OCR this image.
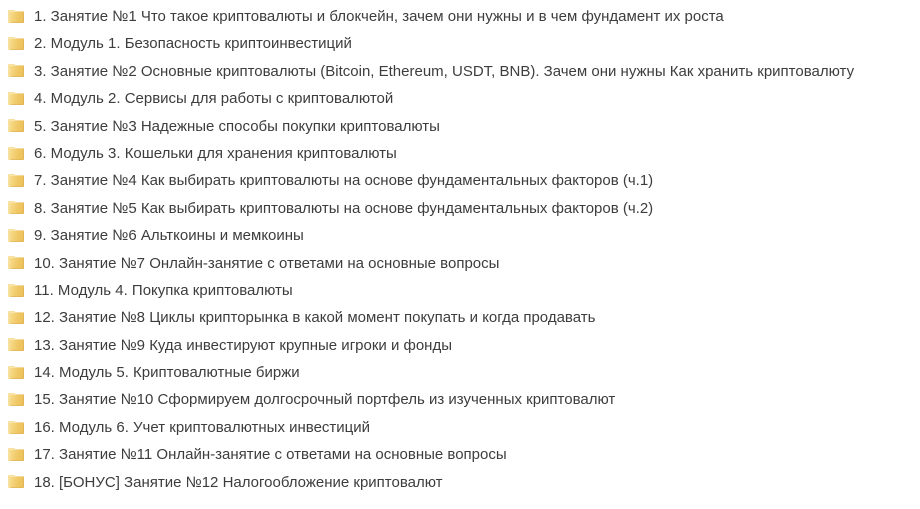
1. Занятие №1 Что такое криптовалюты и блокчейн, зачем они нужны и в чем фундамент их роста
2. Модуль 1. Безопасность криптоинвестиций
3. Занятие №2 Основные криптовалюты (Bitcoin, Ethereum, USDT, BNB). Зачем они нужны Как хранить криптовалюту
4. Модуль 2. Сервисы для работы с криптовалютой
5. Занятие №3 Надежные способы покупки криптовалюты
6. Модуль 3. Кошельки для хранения криптовалюты
7. Занятие №4 Как выбирать криптовалюты на основе фундаментальных факторов (ч.1)
8. Занятие №5 Как выбирать криптовалюты на основе фундаментальных факторов (ч.2)
9. Занятие №6 Альткоины и мемкоины
10. Занятие №7 Онлайн-занятие с ответами на основные вопросы
11. Модуль 4. Покупка криптовалюты
12. Занятие №8 Циклы крипторынка в какой момент покупать и когда продавать
13. Занятие №9 Куда инвестируют крупные игроки и фонды
14. Модуль 5. Криптовалютные биржи
15. Занятие №10 Сформируем долгосрочный портфель из изученных криптовалют
16. Модуль 6. Учет криптовалютных инвестиций
17. Занятие №11 Онлайн-занятие с ответами на основные вопросы
18. [БОНУС] Занятие №12 Налогообложение криптовалют
